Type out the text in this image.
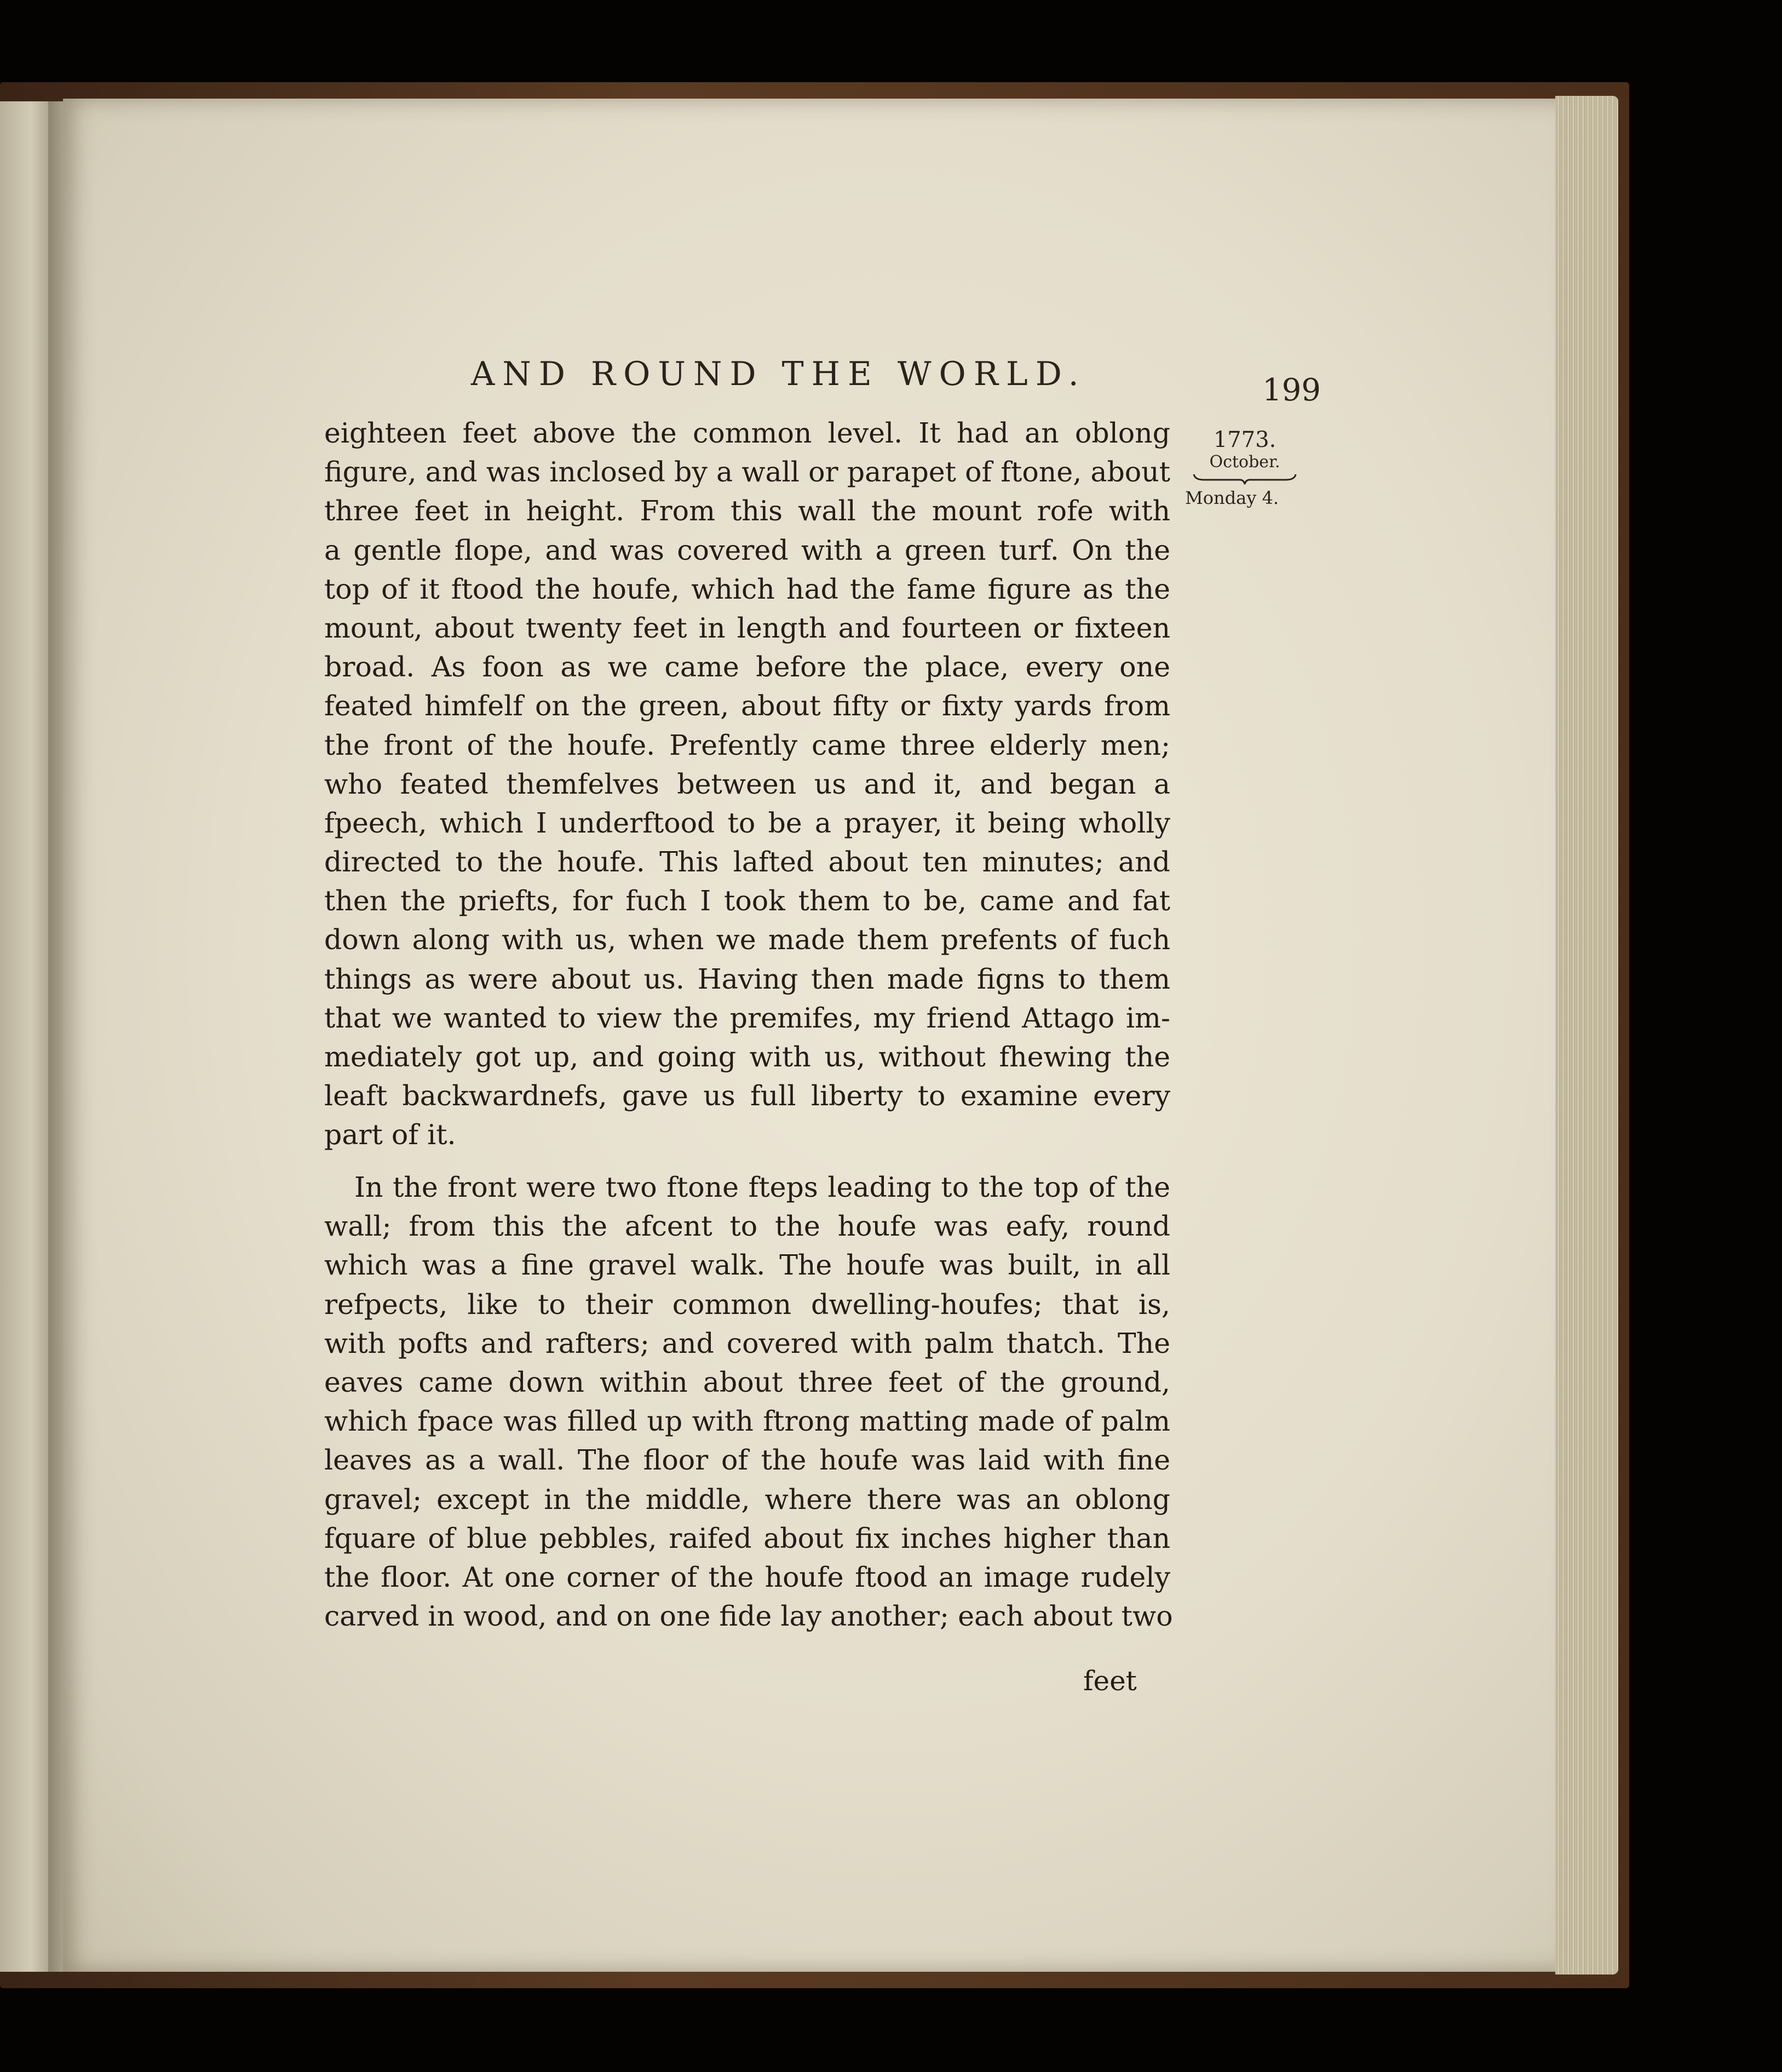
AND ROUND THE WORLD.	199
1773.
October.
Monday 4.
eighteen feet above the common level. It had an oblong
figure, and was inclosed by a wall or parapet of ftone, about
three feet in height. From this wall the mount rofe with
a gentle flope, and was covered with a green turf. On the
top of it ftood the houfe, which had the fame figure as the
mount, about twenty feet in length and fourteen or fixteen
broad. As foon as we came before the place, every one
feated himfelf on the green, about fifty or fixty yards from
the front of the houfe. Prefently came three elderly men;
who feated themfelves between us and it, and began a
fpeech, which I underftood to be a prayer, it being wholly
directed to the houfe. This lafted about ten minutes; and
then the priefts, for fuch I took them to be, came and fat
down along with us, when we made them prefents of fuch
things as were about us. Having then made figns to them
that we wanted to view the premifes, my friend Attago im-
mediately got up, and going with us, without fhewing the
leaft backwardnefs, gave us full liberty to examine every
part of it.
In the front were two ftone fteps leading to the top of the
wall; from this the afcent to the houfe was eafy, round
which was a fine gravel walk. The houfe was built, in all
refpects, like to their common dwelling-houfes; that is,
with pofts and rafters; and covered with palm thatch. The
eaves came down within about three feet of the ground,
which fpace was filled up with ftrong matting made of palm
leaves as a wall. The floor of the houfe was laid with fine
gravel; except in the middle, where there was an oblong
fquare of blue pebbles, raifed about fix inches higher than
the floor. At one corner of the houfe ftood an image rudely
carved in wood, and on one fide lay another; each about two
feet
